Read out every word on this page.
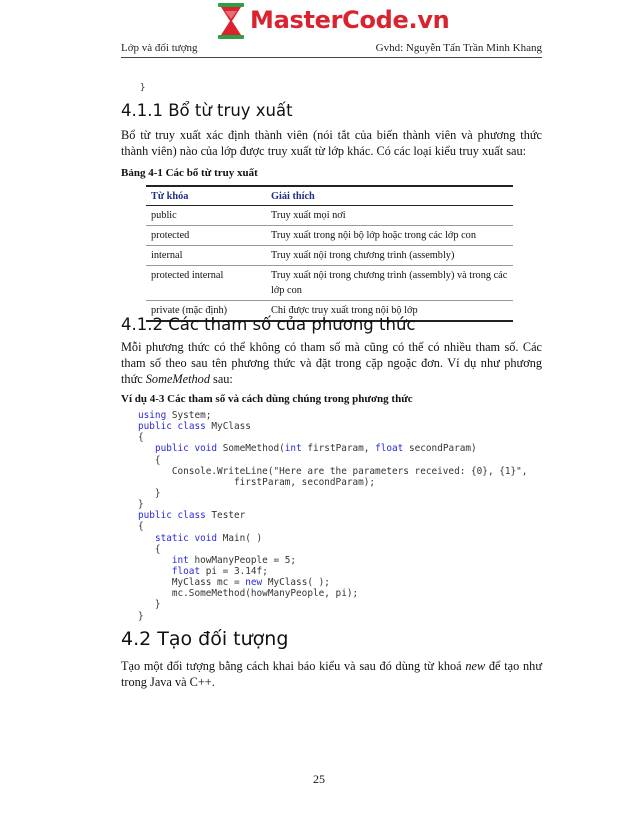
MasterCode.vn
Lớp và đối tượng	Gvhd: Nguyễn Tấn Trần Minh Khang
}
4.1.1 Bổ từ truy xuất
Bổ từ truy xuất xác định thành viên (nói tắt của biến thành viên và phương thức
thành viên) nào của lớp được truy xuất từ lớp khác. Có các loại kiểu truy xuất sau:
Bảng 4-1 Các bổ từ truy xuất
Từ khóa	Giải thích
public	Truy xuất mọi nơi
protected	Truy xuất trong nội bộ lớp hoặc trong các lớp con
internal	Truy xuất nội trong chương trình (assembly)
protected internal	Truy xuất nội trong chương trình (assembly) và trong các lớp con
private (mặc định)	Chỉ được truy xuất trong nội bộ lớp
4.1.2 Các tham số của phương thức
Mỗi phương thức có thể không có tham số mà cũng có thể có nhiều tham số. Các
tham số theo sau tên phương thức và đặt trong cặp ngoặc đơn. Ví dụ như phương
thức SomeMethod sau:
Ví dụ 4-3 Các tham số và cách dùng chúng trong phương thức
using System;
public class MyClass
{
public void SomeMethod(int firstParam, float secondParam)
{
Console.WriteLine("Here are the parameters received: {0}, {1}",
firstParam, secondParam);
}
}
public class Tester
{
static void Main( )
{
int howManyPeople = 5;
float pi = 3.14f;
MyClass mc = new MyClass( );
mc.SomeMethod(howManyPeople, pi);
}
}
4.2 Tạo đối tượng
Tạo một đối tượng bằng cách khai báo kiểu và sau đó dùng từ khoá new để tạo như
trong Java và C++.
25
